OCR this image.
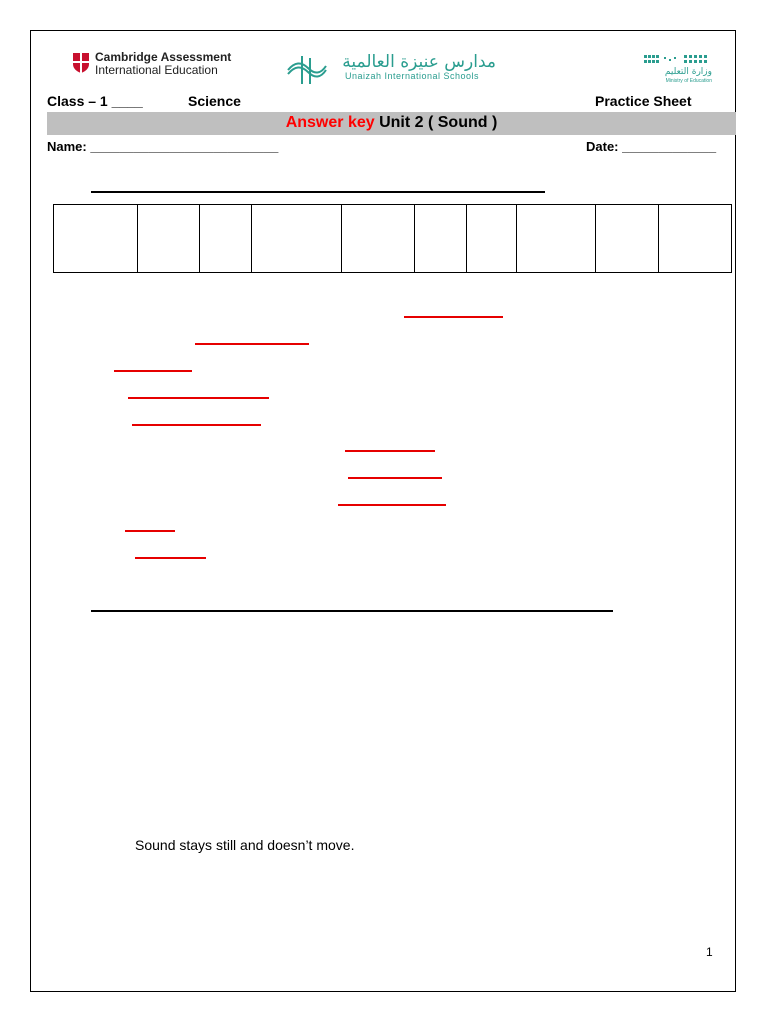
Cambridge Assessment
International Education	مدارس عنيزة العالمية
Unaizah International Schools	وزارة التعليم
Ministry of Education
Class – 1 ____	Science	Practice Sheet
Answer key Unit 2 ( Sound )
Name: __________________________	Date: _____________

Sound stays still and doesn’t move.
1
